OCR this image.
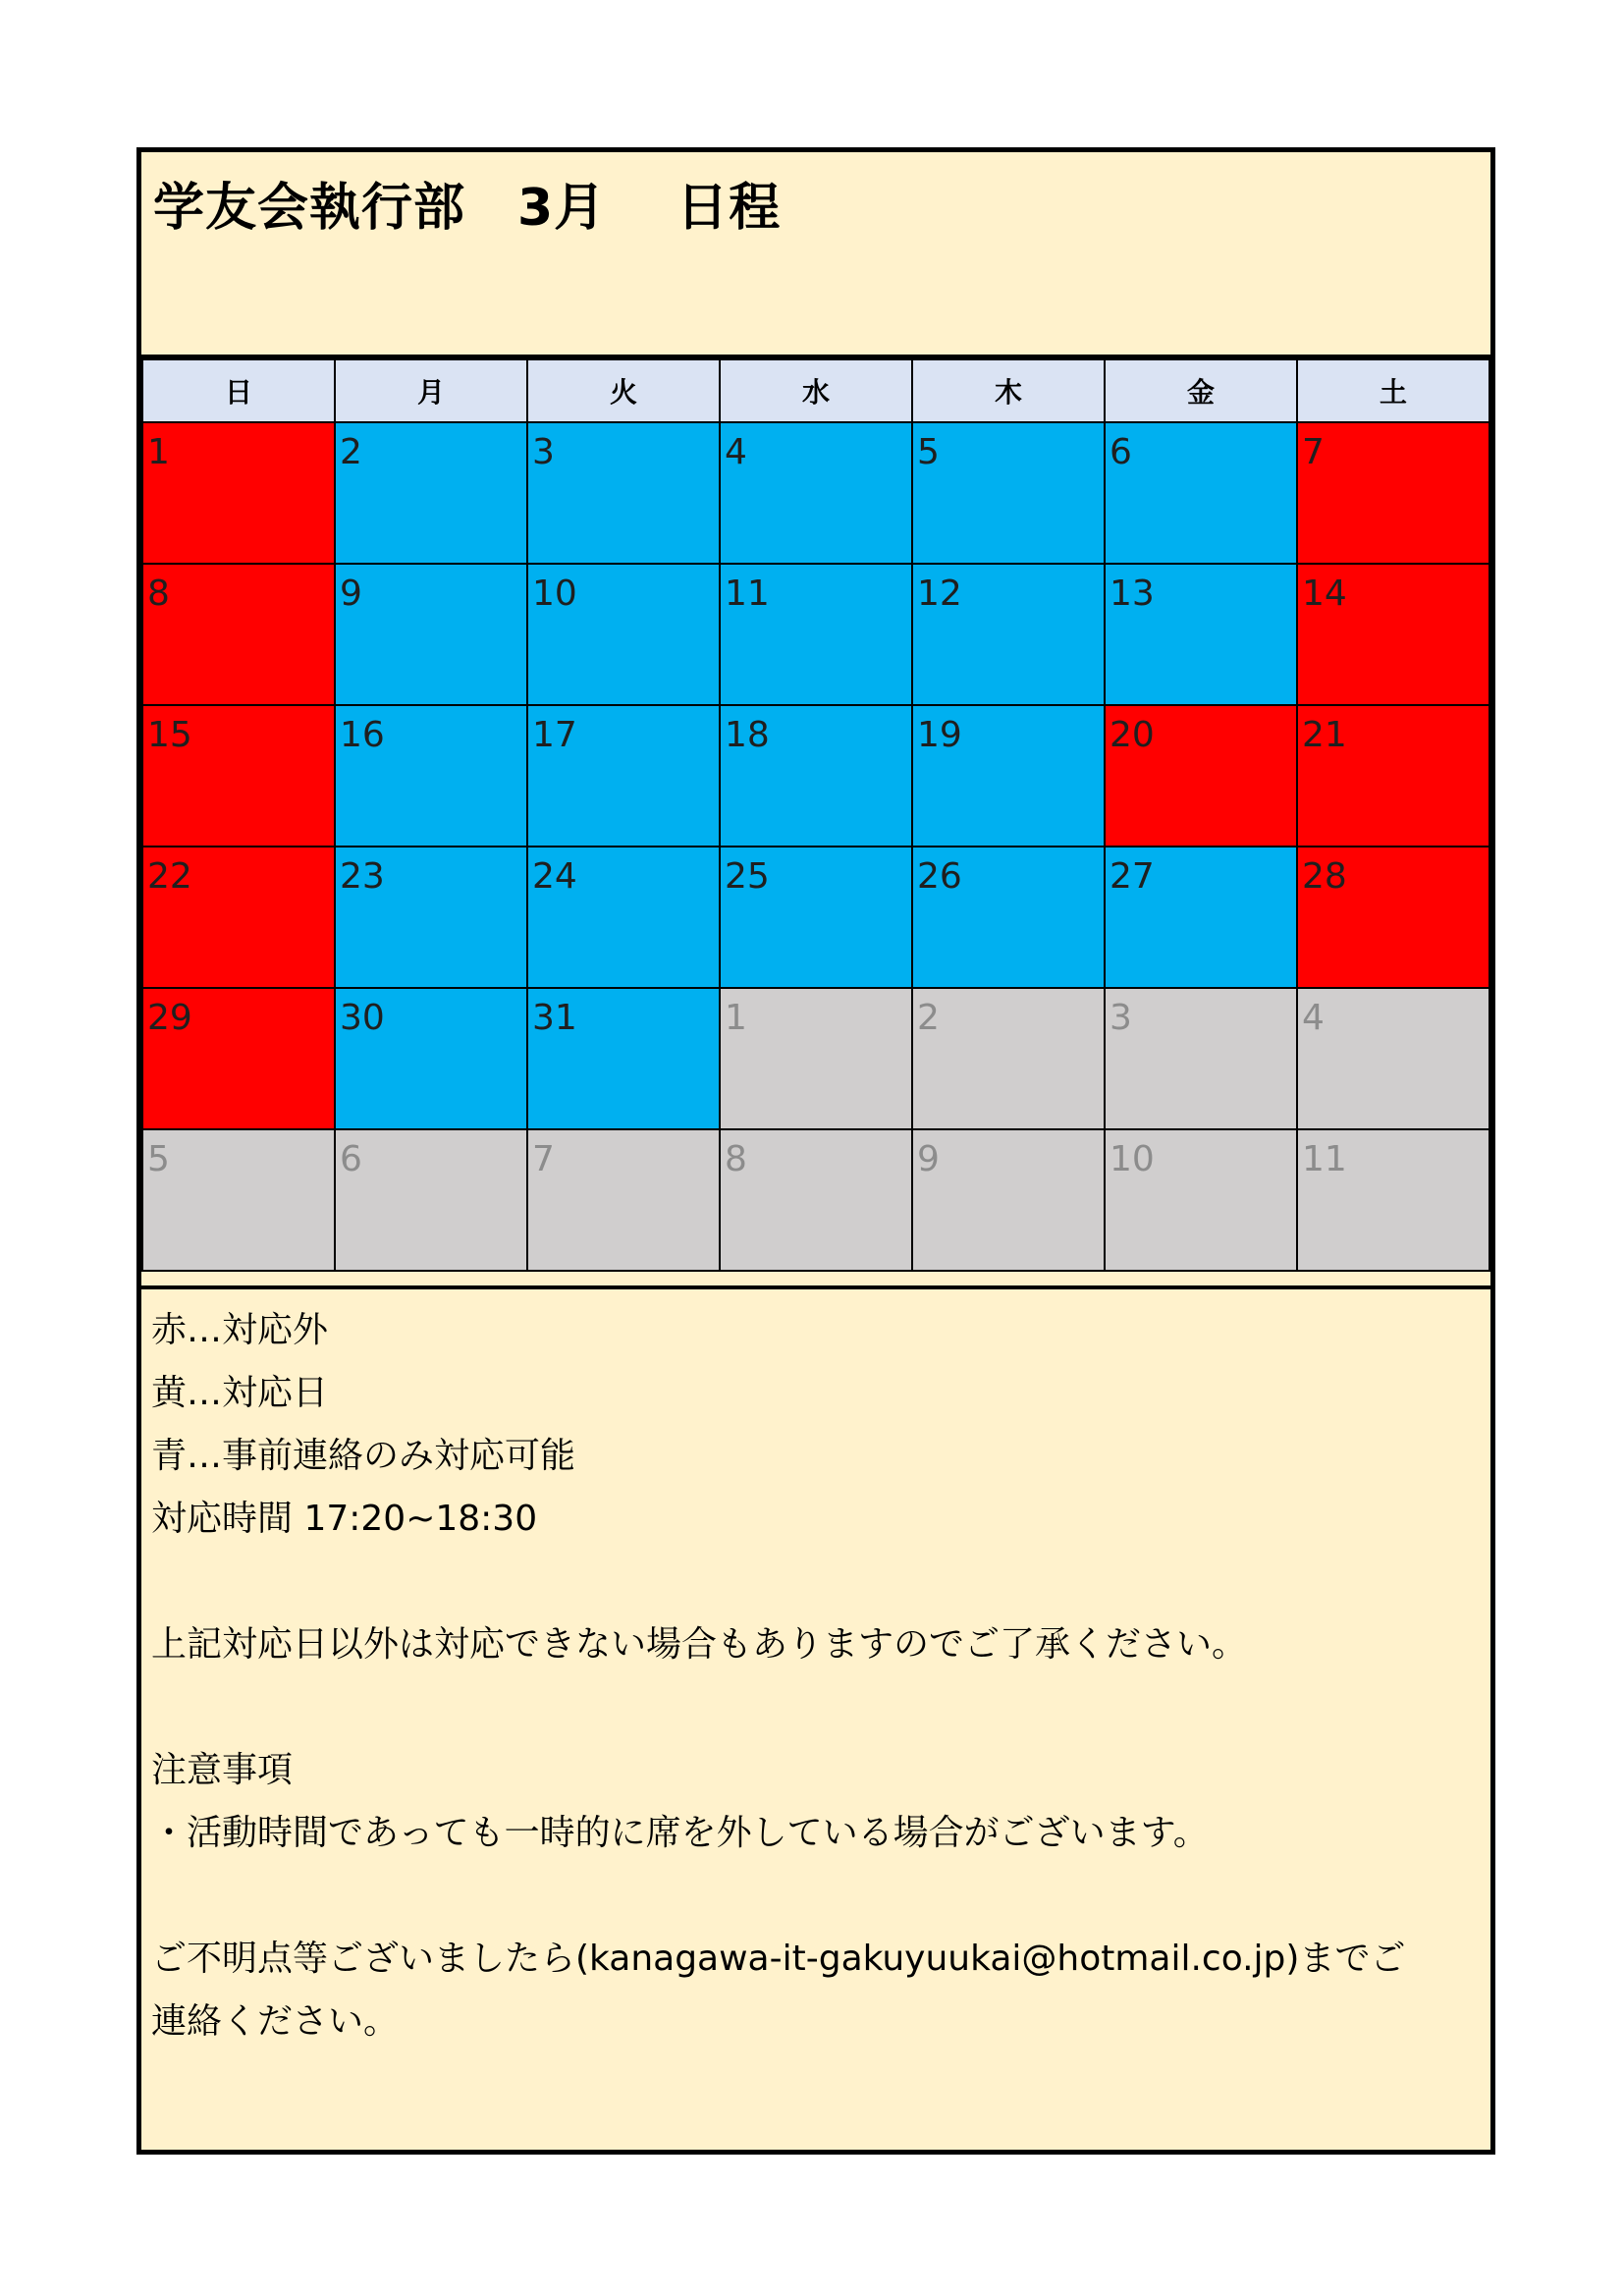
学友会執行部　3月　 日程
日	月	火	水	木	金	土

1	2	3	4	5	6	7

8	9	10	11	12	13	14

15	16	17	18	19	20	21

22	23	24	25	26	27	28

29	30	31	1	2	3	4

5	6	7	8	9	10	11
赤…対応外
黄…対応日
青…事前連絡のみ対応可能
対応時間 17:20~18:30
上記対応日以外は対応できない場合もありますのでご了承ください。
注意事項
・活動時間であっても一時的に席を外している場合がございます。
ご不明点等ございましたら(kanagawa-it-gakuyuukai@hotmail.co.jp)までご
連絡ください。
